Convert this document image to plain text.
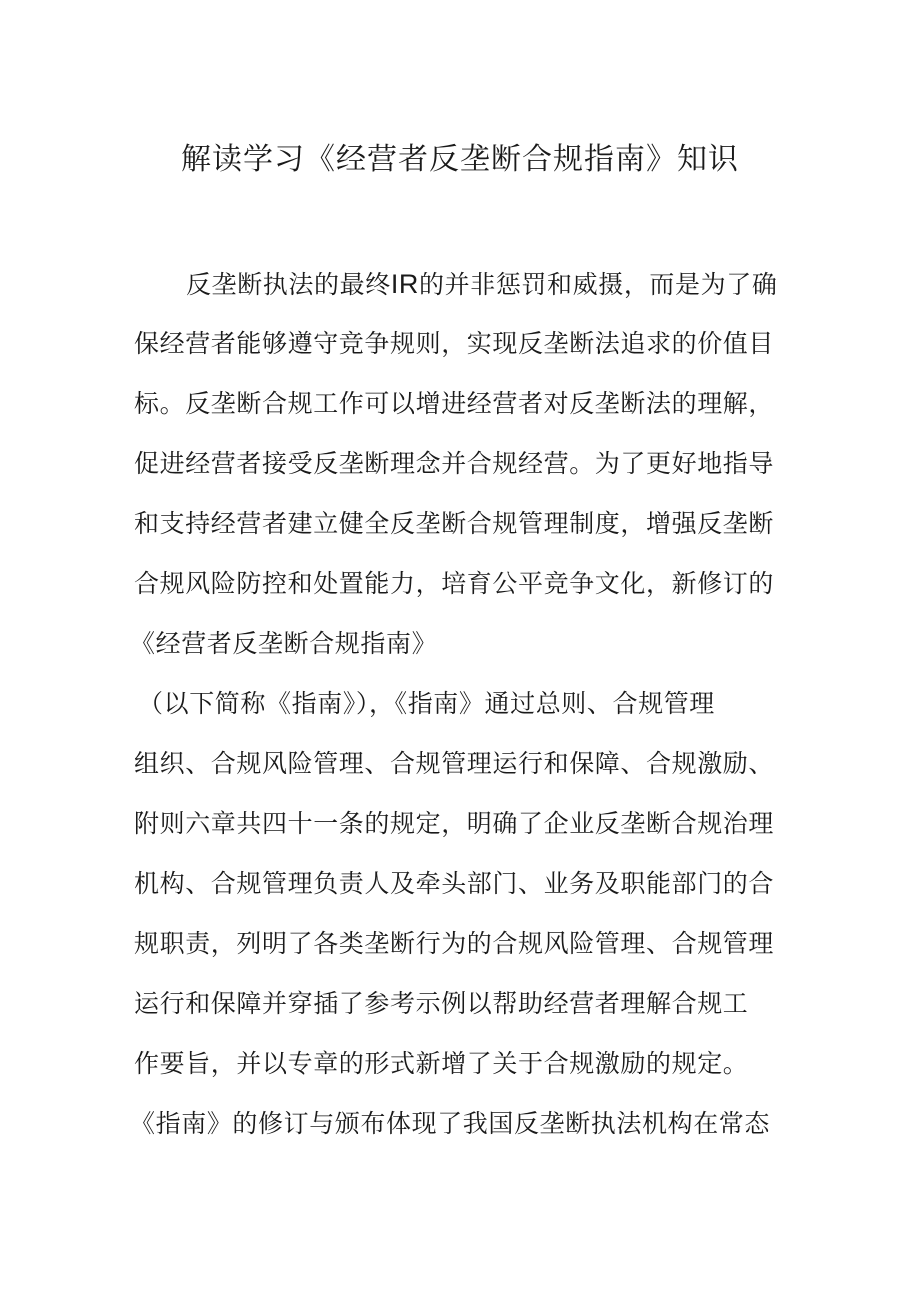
解读学习《经营者反垄断合规指南》知识
反垄断执法的最终IR的并非惩罚和威摄，而是为了确
保经营者能够遵守竞争规则，实现反垄断法追求的价值目
标。反垄断合规工作可以增进经营者对反垄断法的理解，
促进经营者接受反垄断理念并合规经营。为了更好地指导
和支持经营者建立健全反垄断合规管理制度，增强反垄断
合规风险防控和处置能力，培育公平竞争文化，新修订的
《经营者反垄断合规指南》
（以下简称《指南》），《指南》通过总则、合规管理
组织、合规风险管理、合规管理运行和保障、合规激励、
附则六章共四十一条的规定，明确了企业反垄断合规治理
机构、合规管理负责人及牵头部门、业务及职能部门的合
规职责，列明了各类垄断行为的合规风险管理、合规管理
运行和保障并穿插了参考示例以帮助经营者理解合规工
作要旨，并以专章的形式新增了关于合规激励的规定。
《指南》的修订与颁布体现了我国反垄断执法机构在常态
